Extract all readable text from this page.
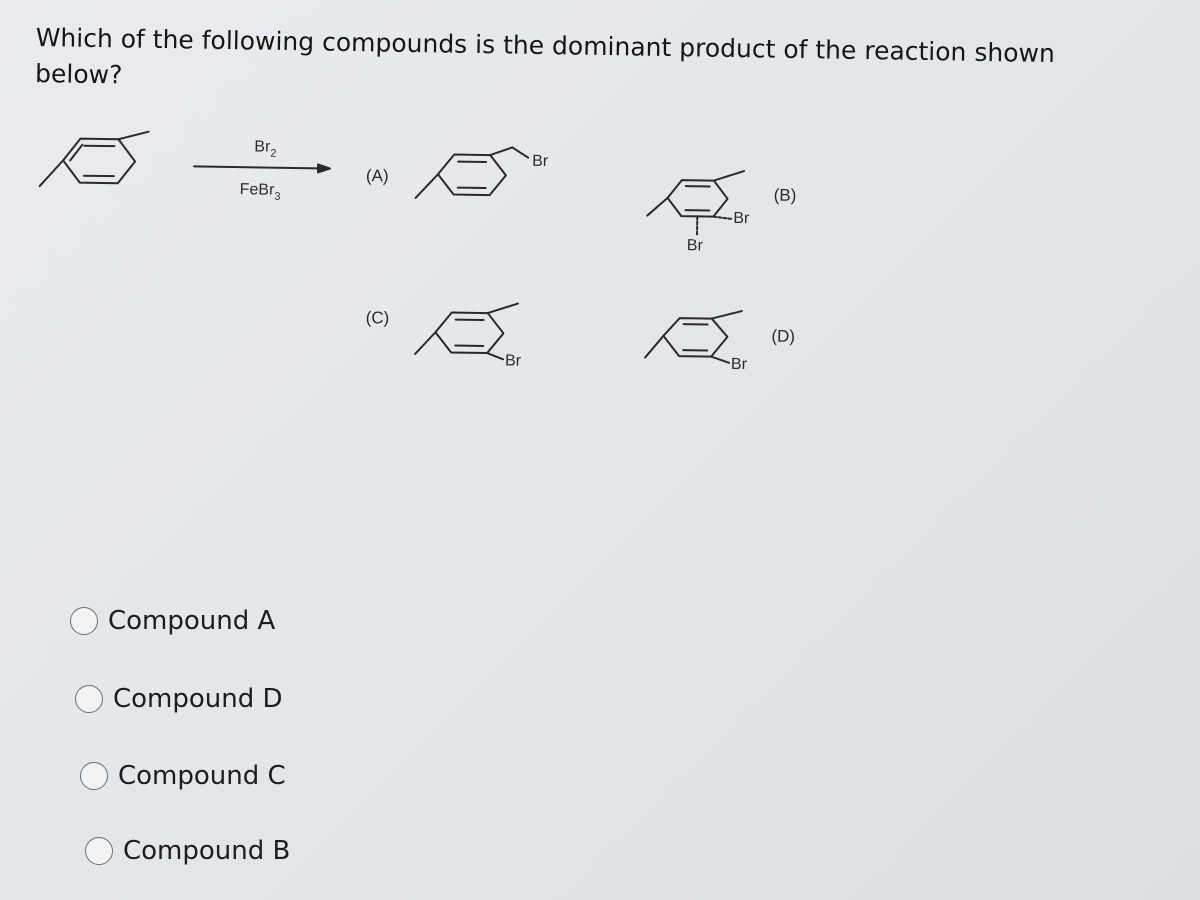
Which of the following compounds is the dominant product of the reaction shown
below?
$Br_2$
FeBr$_3$
(A)
(B)
(C)
(D)
Br
Br
Br
Br	Br
Compound A
Compound D
Compound C
Compound B
